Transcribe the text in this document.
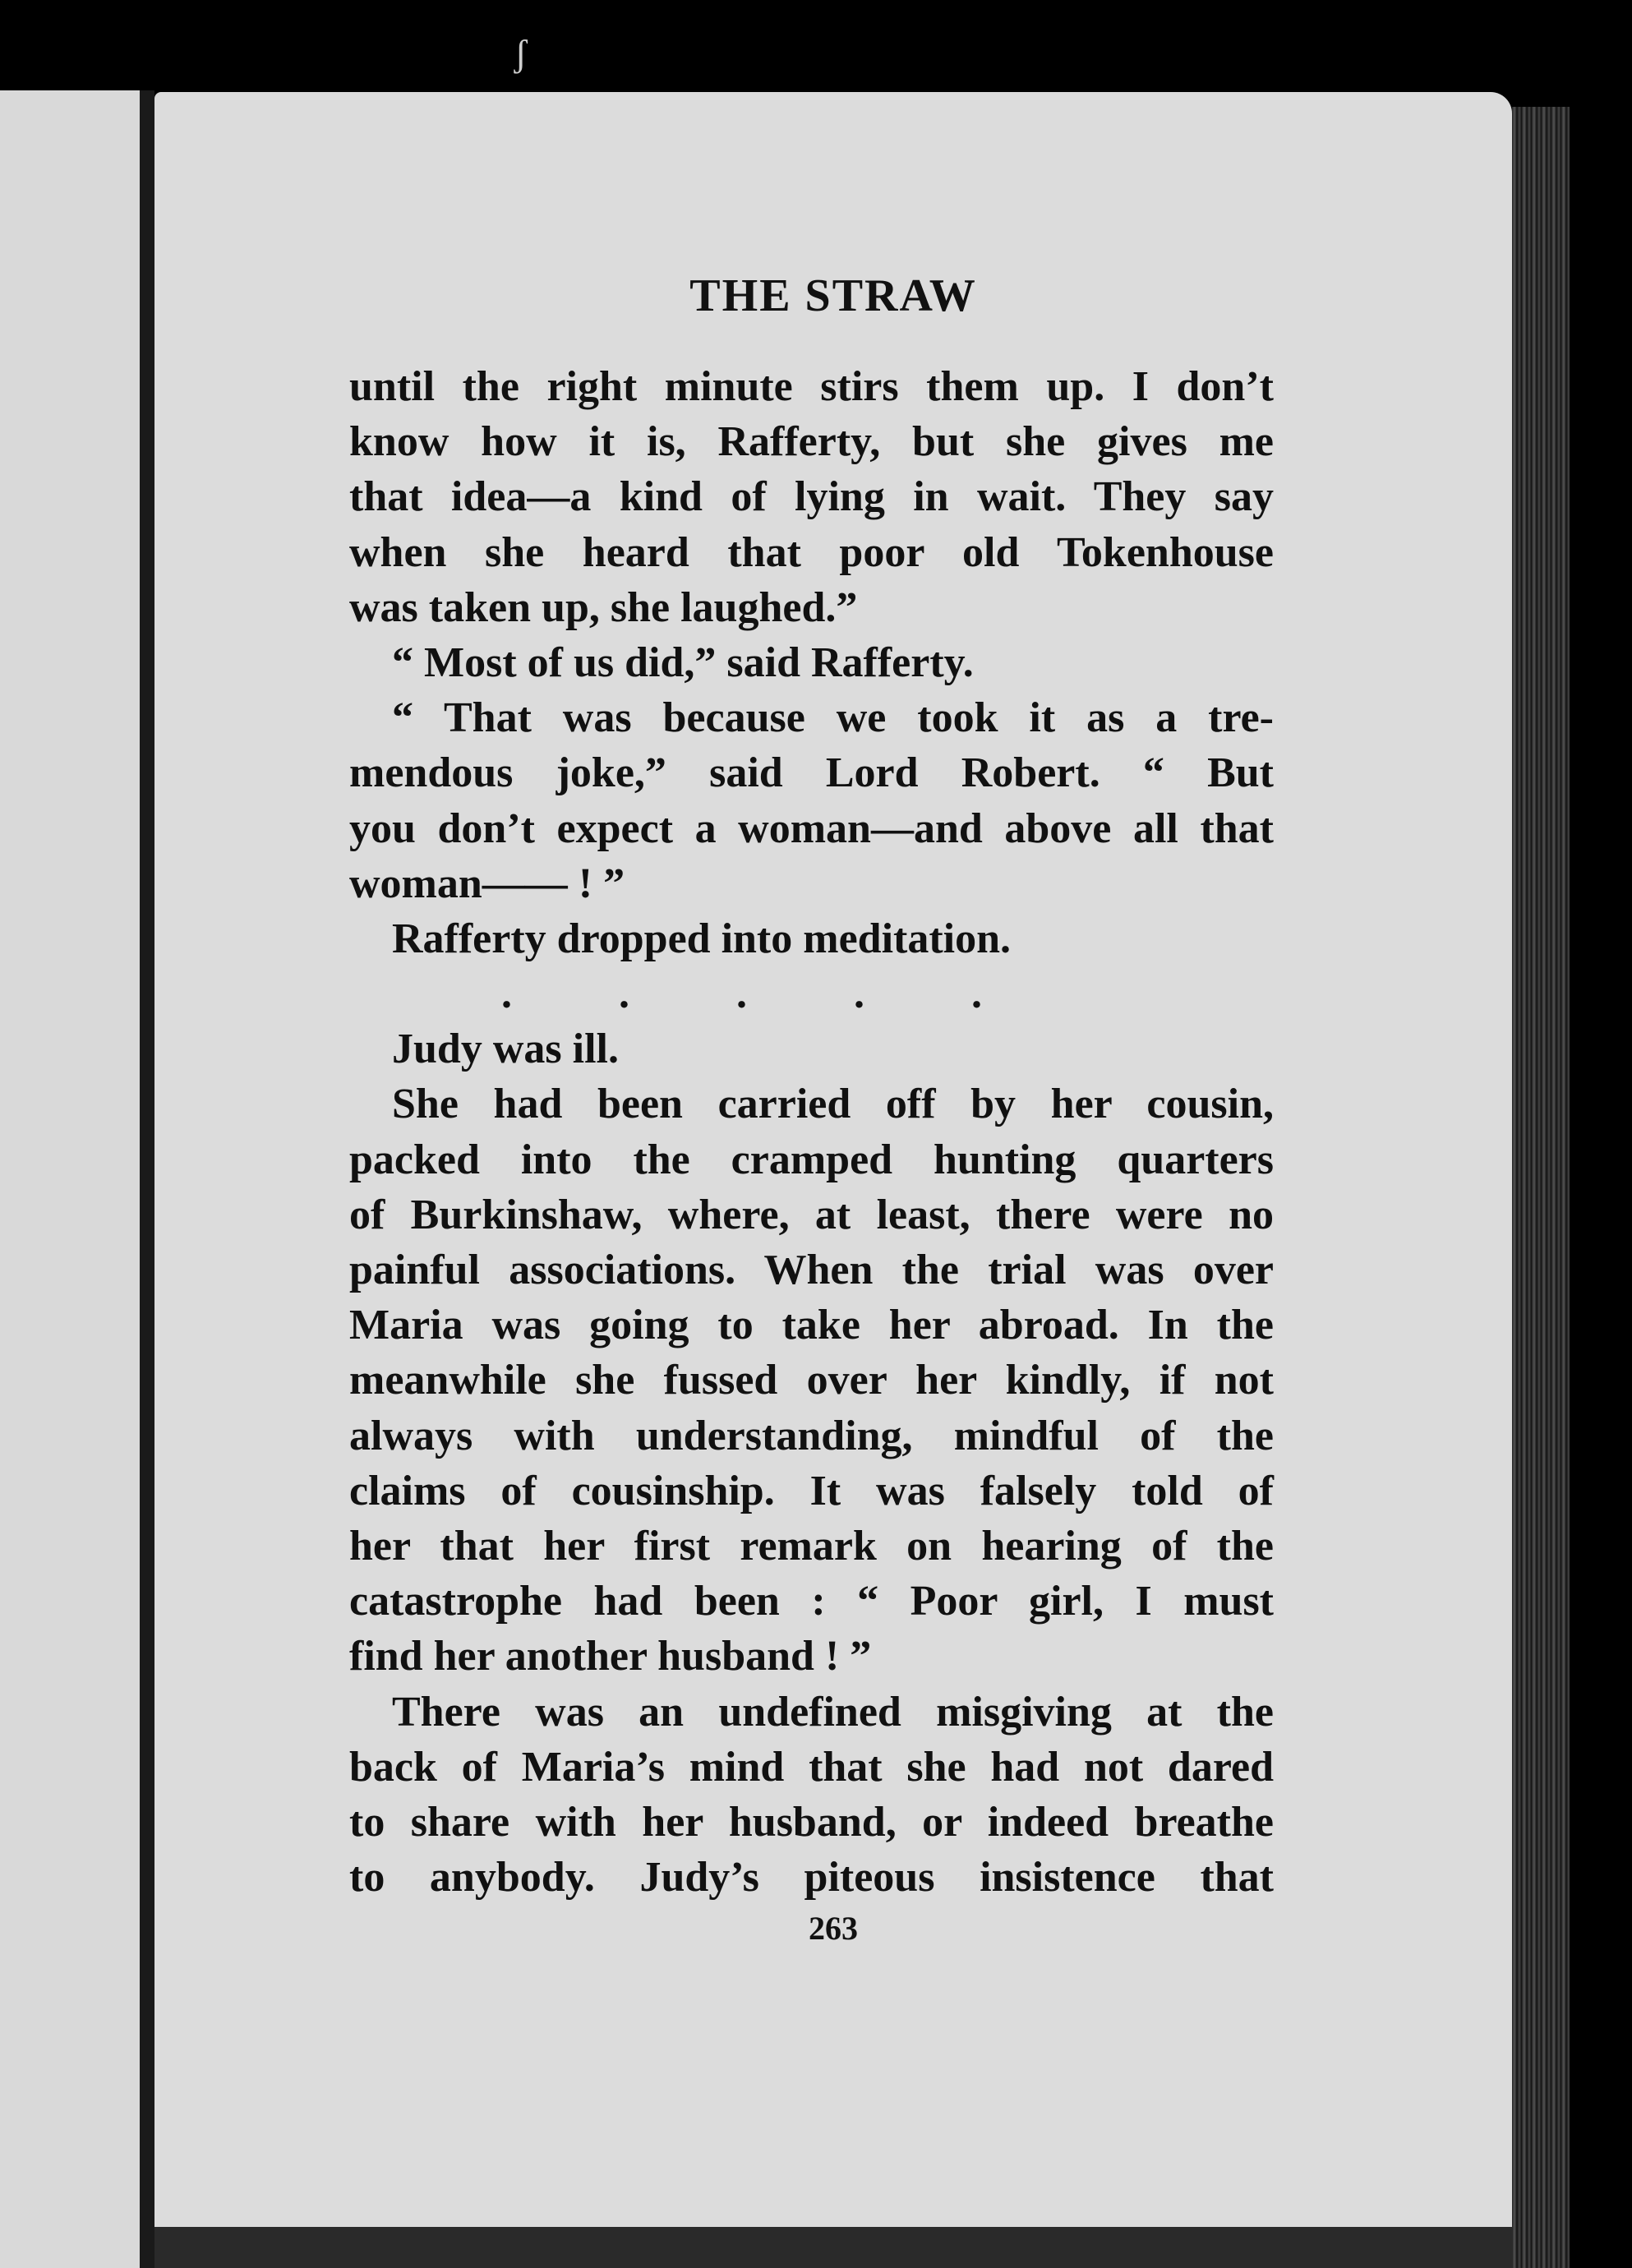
ʃ
THE STRAW
until the right minute stirs them up. I don’t
know how it is, Rafferty, but she gives me
that idea—a kind of lying in wait. They say
when she heard that poor old Tokenhouse
was taken up, she laughed.”
“ Most of us did,” said Rafferty.
“ That was because we took it as a tre-
mendous joke,” said Lord Robert. “ But
you don’t expect a woman—and above all that
woman—— ! ”
Rafferty dropped into meditation.
.          .          .          .          .
Judy was ill.
She had been carried off by her cousin,
packed into the cramped hunting quarters
of Burkinshaw, where, at least, there were no
painful associations. When the trial was over
Maria was going to take her abroad. In the
meanwhile she fussed over her kindly, if not
always with understanding, mindful of the
claims of cousinship. It was falsely told of
her that her first remark on hearing of the
catastrophe had been : “ Poor girl, I must
find her another husband ! ”
There was an undefined misgiving at the
back of Maria’s mind that she had not dared
to share with her husband, or indeed breathe
to anybody. Judy’s piteous insistence that
263
